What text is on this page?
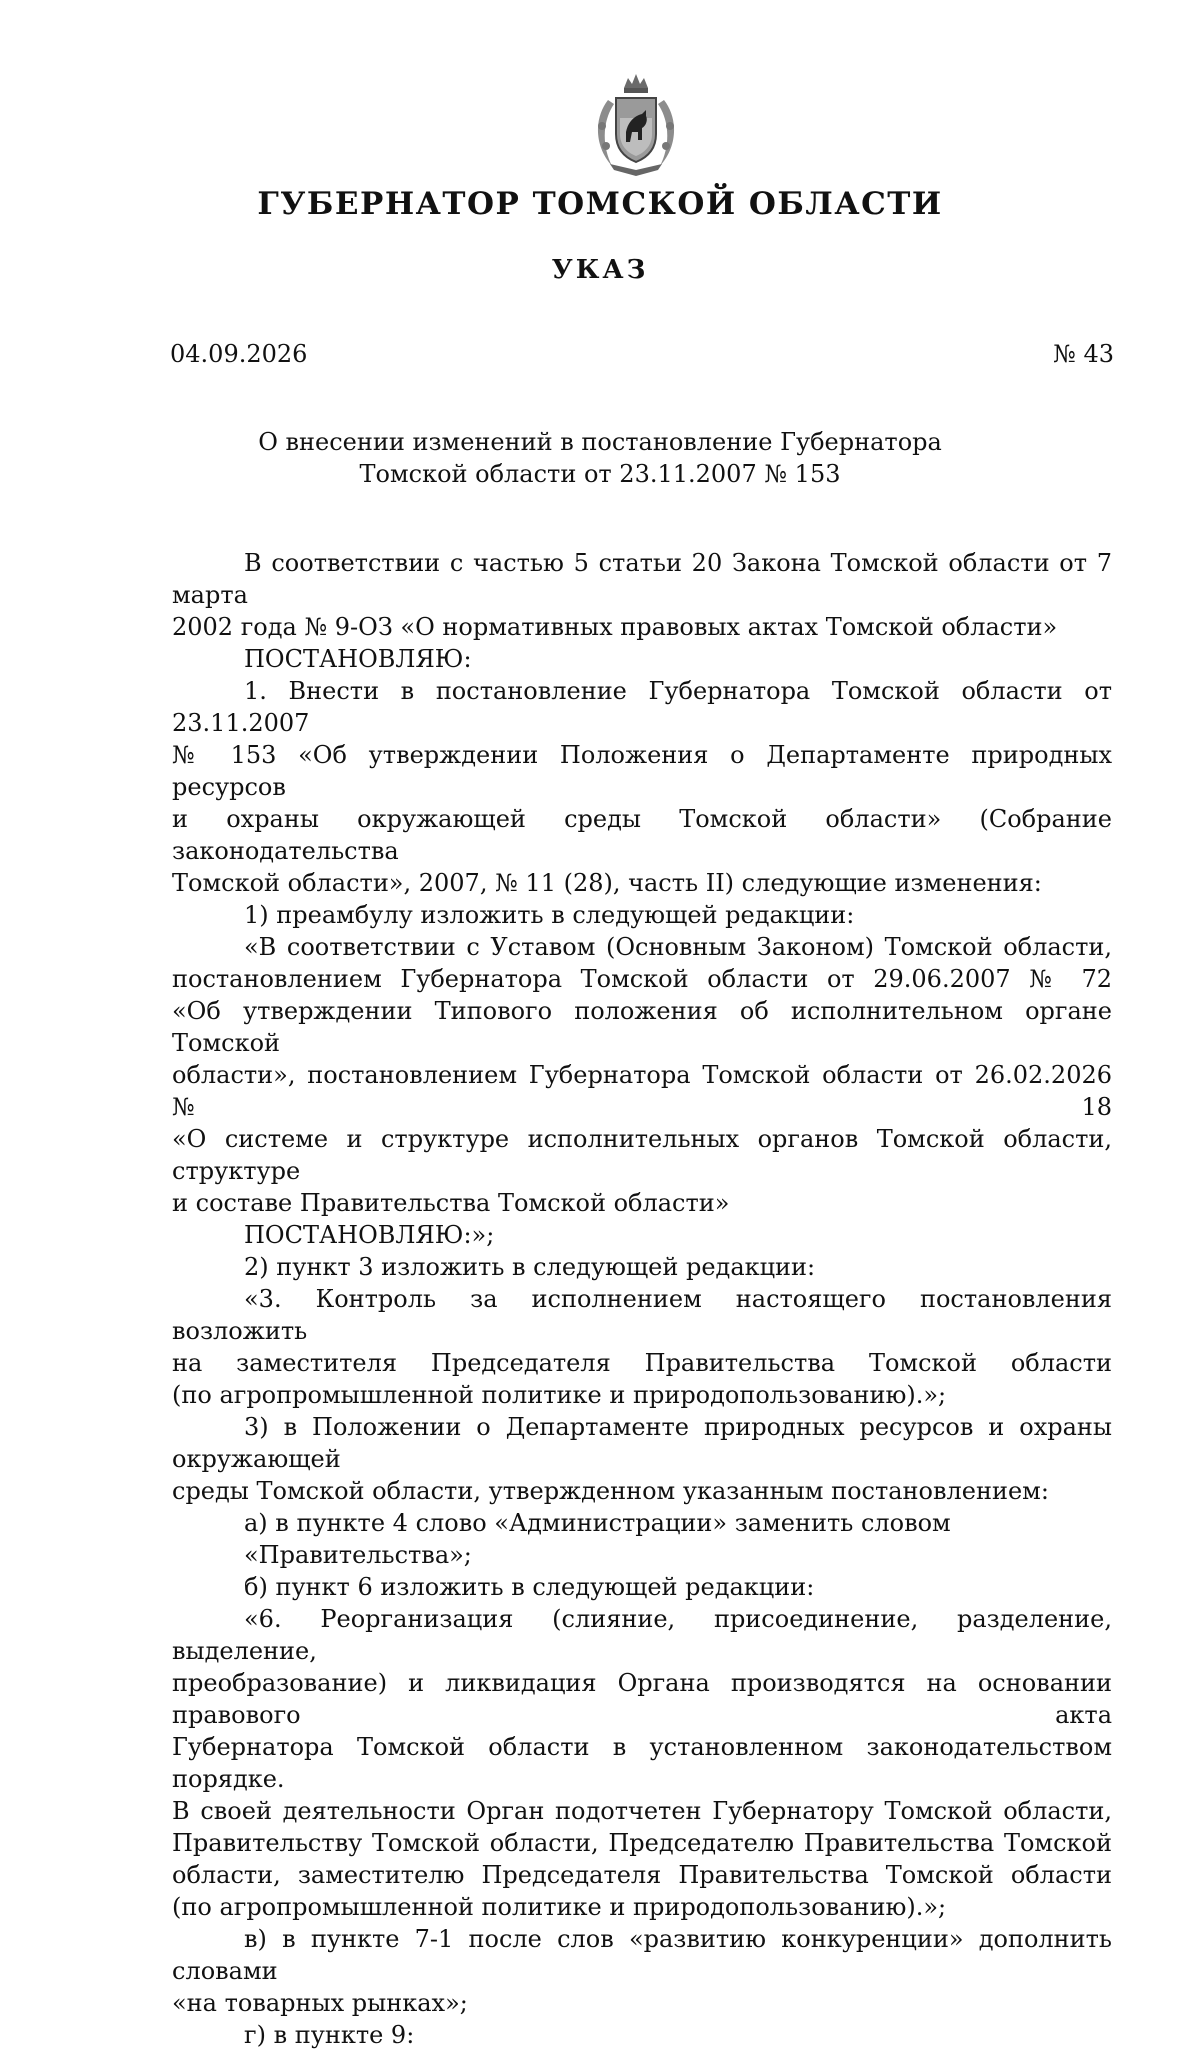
ГУБЕРНАТОР ТОМСКОЙ ОБЛАСТИ
УКАЗ
04.09.2026	№ 43
О внесении изменений в постановление Губернатора
Томской области от 23.11.2007 № 153

В соответствии с частью 5 статьи 20 Закона Томской области от 7 марта

2002 года № 9-ОЗ «О нормативных правовых актах Томской области»

ПОСТАНОВЛЯЮ:

1. Внести в постановление Губернатора Томской области от 23.11.2007

№ 153 «Об утверждении Положения о Департаменте природных ресурсов

и охраны окружающей среды Томской области» (Собрание законодательства

Томской области», 2007, № 11 (28), часть II) следующие изменения:

1) преамбулу изложить в следующей редакции:

«В соответствии с Уставом (Основным Законом) Томской области,

постановлением Губернатора Томской области от 29.06.2007 № 72

«Об утверждении Типового положения об исполнительном органе Томской

области», постановлением Губернатора Томской области от 26.02.2026 № 18

«О системе и структуре исполнительных органов Томской области, структуре

и составе Правительства Томской области»

ПОСТАНОВЛЯЮ:»;

2) пункт 3 изложить в следующей редакции:

«3. Контроль за исполнением настоящего постановления возложить

на заместителя Председателя Правительства Томской области

(по агропромышленной политике и природопользованию).»;

3) в Положении о Департаменте природных ресурсов и охраны окружающей

среды Томской области, утвержденном указанным постановлением:

а) в пункте 4 слово «Администрации» заменить словом «Правительства»;

б) пункт 6 изложить в следующей редакции:

«6. Реорганизация (слияние, присоединение, разделение, выделение,

преобразование) и ликвидация Органа производятся на основании правового акта

Губернатора Томской области в установленном законодательством порядке.

В своей деятельности Орган подотчетен Губернатору Томской области,

Правительству Томской области, Председателю Правительства Томской

области, заместителю Председателя Правительства Томской области

(по агропромышленной политике и природопользованию).»;

в) в пункте 7-1 после слов «развитию конкуренции» дополнить словами

«на товарных рынках»;

г) в пункте 9:
